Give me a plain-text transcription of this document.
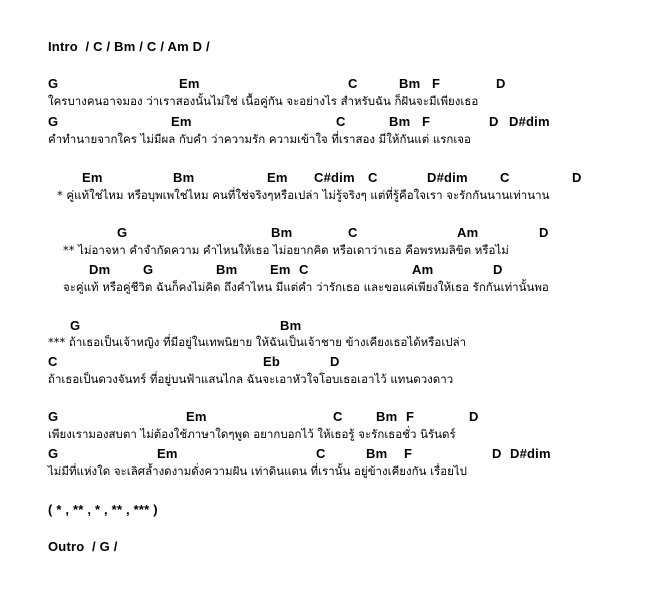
Intro  / C / Bm / C / Am D /

G

	Em

	C

	Bm

F

	D

ใครบางคนอาจมอง ว่าเราสองนั้นไม่ใช่ เนื้อคู่กัน จะอย่างไร สำหรับฉัน ก็ฝันจะมีเพียงเธอ

G

	Em

	C

	Bm

F

	D

D#dim

คำทำนายจากใคร ไม่มีผล กับคำ ว่าความรัก ความเข้าใจ ที่เราสอง มีให้กันแต่ แรกเจอ

Em

	Bm

	Em

C#dim

C

	D#dim

C

	D

* คู่แท้ใช่ไหม หรือบุพเพใช่ไหม คนที่ใช่จริงๆหรือเปล่า ไม่รู้จริงๆ แต่ที่รู้คือใจเรา จะรักกันนานเท่านาน

G

	Bm

	C

	Am

	D

** ไม่อาจหา คำจำกัดความ คำไหนให้เธอ ไม่อยากคิด หรือเดาว่าเธอ คือพรหมลิขิต หรือไม่

Dm

	G

	Bm

	Em

C

	Am

	D

จะคู่แท้ หรือคู่ชีวิต ฉันก็คงไม่คิด ถึงคำไหน มีแต่คำ ว่ารักเธอ และขอแค่เพียงให้เธอ รักกันเท่านั้นพอ

G

	Bm

*** ถ้าเธอเป็นเจ้าหญิง ที่มีอยู่ในเทพนิยาย ให้ฉันเป็นเจ้าชาย ข้างเคียงเธอได้หรือเปล่า

C

	Eb

	D

ถ้าเธอเป็นดวงจันทร์ ที่อยู่บนฟ้าแสนไกล ฉันจะเอาหัวใจโอบเธอเอาไว้ แทนดวงดาว

G

	Em

	C

	Bm

F

	D

เพียงเรามองสบตา ไม่ต้องใช้ภาษาใดๆพูด อยากบอกไว้ ให้เธอรู้ จะรักเธอชั่ว นิรันดร์

G

	Em

	C

	Bm

F

	D

D#dim

ไม่มีที่แห่งใด จะเลิศล้ำงดงามดั่งความฝัน เท่าดินแดน ที่เรานั้น อยู่ข้างเคียงกัน เรื่อยไป
( * , ** , * , ** , *** )
Outro  / G /
